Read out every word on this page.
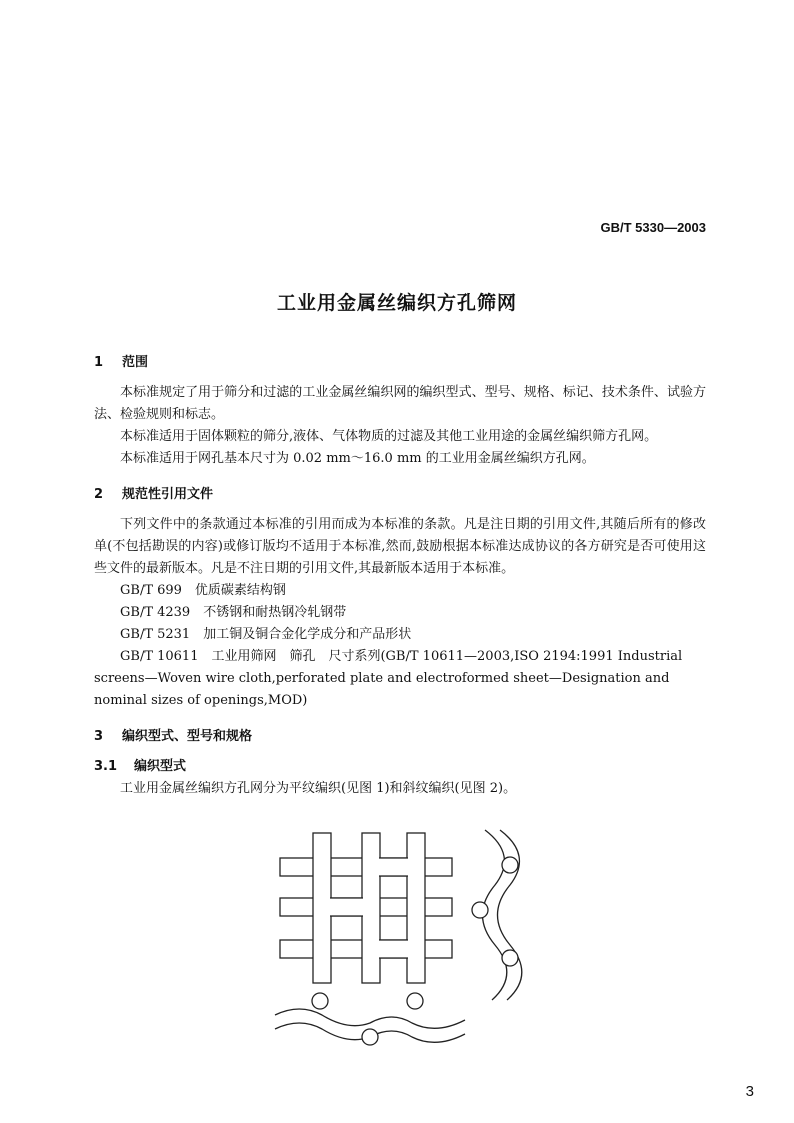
GB/T 5330—2003
工业用金属丝编织方孔筛网

1 范围

本标准规定了用于筛分和过滤的工业金属丝编织网的编织型式、型号、规格、标记、技术条件、试验方法、检验规则和标志。

本标准适用于固体颗粒的筛分,液体、气体物质的过滤及其他工业用途的金属丝编织筛方孔网。

本标准适用于网孔基本尺寸为 0.02 mm～16.0 mm 的工业用金属丝编织方孔网。

2 规范性引用文件

下列文件中的条款通过本标准的引用而成为本标准的条款。凡是注日期的引用文件,其随后所有的修改单(不包括勘误的内容)或修订版均不适用于本标准,然而,鼓励根据本标准达成协议的各方研究是否可使用这些文件的最新版本。凡是不注日期的引用文件,其最新版本适用于本标准。

GB/T 699　优质碳素结构钢

GB/T 4239　不锈钢和耐热钢冷轧钢带

GB/T 5231　加工铜及铜合金化学成分和产品形状

GB/T 10611　工业用筛网　筛孔　尺寸系列(GB/T 10611—2003,ISO 2194:1991 Industrial screens—Woven wire cloth,perforated plate and electroformed sheet—Designation and nominal sizes of openings,MOD)

3 编织型式、型号和规格

3.1 编织型式

工业用金属丝编织方孔网分为平纹编织(见图 1)和斜纹编织(见图 2)。

3
